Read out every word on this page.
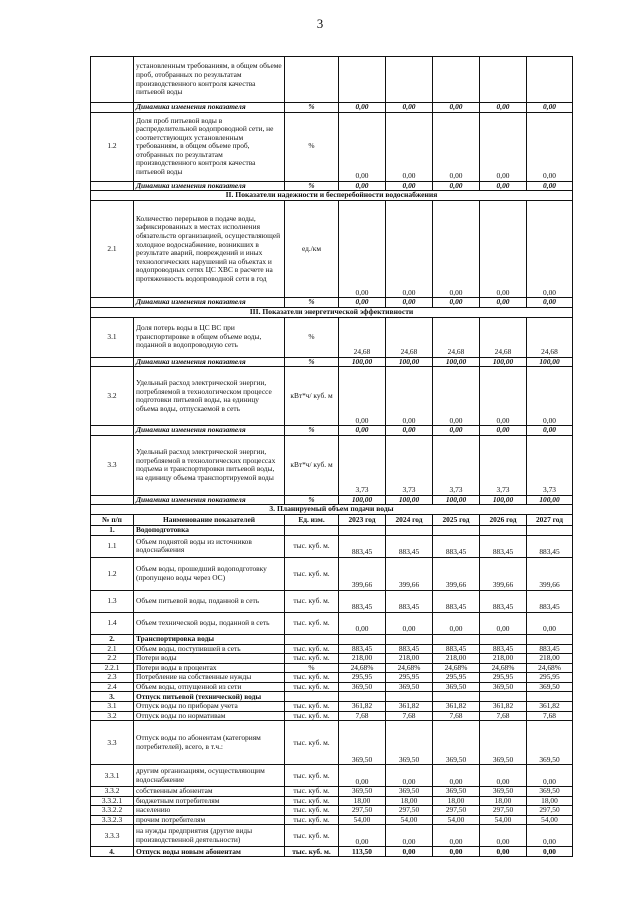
3
	установленным требованиям, в общем объеме проб, отобранных по результатам производственного контроля качества питьевой воды						
	Динамика изменения показателя	%	0,00	0,00	0,00	0,00	0,00
1.2	Доля проб питьевой воды в распределительной водопроводной сети, не соответствующих установленным требованиям, в общем объеме проб, отобранных по результатам производственного контроля качества питьевой воды	%	0,00	0,00	0,00	0,00	0,00
	Динамика изменения показателя	%	0,00	0,00	0,00	0,00	0,00
II. Показатели надежности и бесперебойности водоснабжения							
2.1	Количество перерывов в подаче воды, зафиксированных в местах исполнения обязательств организацией, осуществляющей холодное водоснабжение, возникших в результате аварий, повреждений и иных технологических нарушений на объектах и водопроводных сетях ЦС ХВС в расчете на протяженность водопроводной сети в год	ед./км	0,00	0,00	0,00	0,00	0,00
	Динамика изменения показателя	%	0,00	0,00	0,00	0,00	0,00
III. Показатели энергетической эффективности							
3.1	Доля потерь воды в ЦС ВС при транспортировке в общем объеме воды, поданной в водопроводную сеть	%	24,68	24,68	24,68	24,68	24,68
	Динамика изменения показателя	%	100,00	100,00	100,00	100,00	100,00
3.2	Удельный расход электрической энергии, потребляемой в технологическом процессе подготовки питьевой воды, на единицу объема воды, отпускаемой в сеть	кВт*ч/ куб. м	0,00	0,00	0,00	0,00	0,00
	Динамика изменения показателя	%	0,00	0,00	0,00	0,00	0,00
3.3	Удельный расход электрической энергии, потребляемой в технологических процессах подъема и транспортировки питьевой воды, на единицу объема транспортируемой воды	кВт*ч/ куб. м	3,73	3,73	3,73	3,73	3,73
	Динамика изменения показателя	%	100,00	100,00	100,00	100,00	100,00
3. Планируемый объем подачи воды							
№ п/п	Наименование показателей	Ед. изм.	2023 год	2024 год	2025 год	2026 год	2027 год
1.	Водоподготовка						
1.1	Объем поднятой воды из источников водоснабжения	тыс. куб. м.	883,45	883,45	883,45	883,45	883,45
1.2	Объем воды, прошедший водоподготовку (пропущено воды через ОС)	тыс. куб. м.	399,66	399,66	399,66	399,66	399,66
1.3	Объем питьевой воды, поданной в сеть	тыс. куб. м.	883,45	883,45	883,45	883,45	883,45
1.4	Объем технической воды, поданной в сеть	тыс. куб. м.	0,00	0,00	0,00	0,00	0,00
2.	Транспортировка воды						
2.1	Объем воды, поступившей в сеть	тыс. куб. м.	883,45	883,45	883,45	883,45	883,45
2.2	Потери воды	тыс. куб. м.	218,00	218,00	218,00	218,00	218,00
2.2.1	Потери воды в процентах	%	24,68%	24,68%	24,68%	24,68%	24,68%
2.3	Потребление на собственные нужды	тыс. куб. м.	295,95	295,95	295,95	295,95	295,95
2.4	Объем воды, отпущенной из сети	тыс. куб. м.	369,50	369,50	369,50	369,50	369,50
3.	Отпуск питьевой (технической) воды						
3.1	Отпуск воды по приборам учета	тыс. куб. м.	361,82	361,82	361,82	361,82	361,82
3.2	Отпуск воды по нормативам	тыс. куб. м.	7,68	7,68	7,68	7,68	7,68
3.3	Отпуск воды по абонентам (категориям потребителей), всего, в т.ч.:	тыс. куб. м.	369,50	369,50	369,50	369,50	369,50
3.3.1	другим организациям, осуществляющим водоснабжение	тыс. куб. м.	0,00	0,00	0,00	0,00	0,00
3.3.2	собственным абонентам	тыс. куб. м.	369,50	369,50	369,50	369,50	369,50
3.3.2.1	бюджетным потребителям	тыс. куб. м.	18,00	18,00	18,00	18,00	18,00
3.3.2.2	населению	тыс. куб. м.	297,50	297,50	297,50	297,50	297,50
3.3.2.3	прочим потребителям	тыс. куб. м.	54,00	54,00	54,00	54,00	54,00
3.3.3	на нужды предприятия (другие виды производственной деятельности)	тыс. куб. м.	0,00	0,00	0,00	0,00	0,00
4.	Отпуск воды новым абонентам	тыс. куб. м.	113,50	0,00	0,00	0,00	0,00
